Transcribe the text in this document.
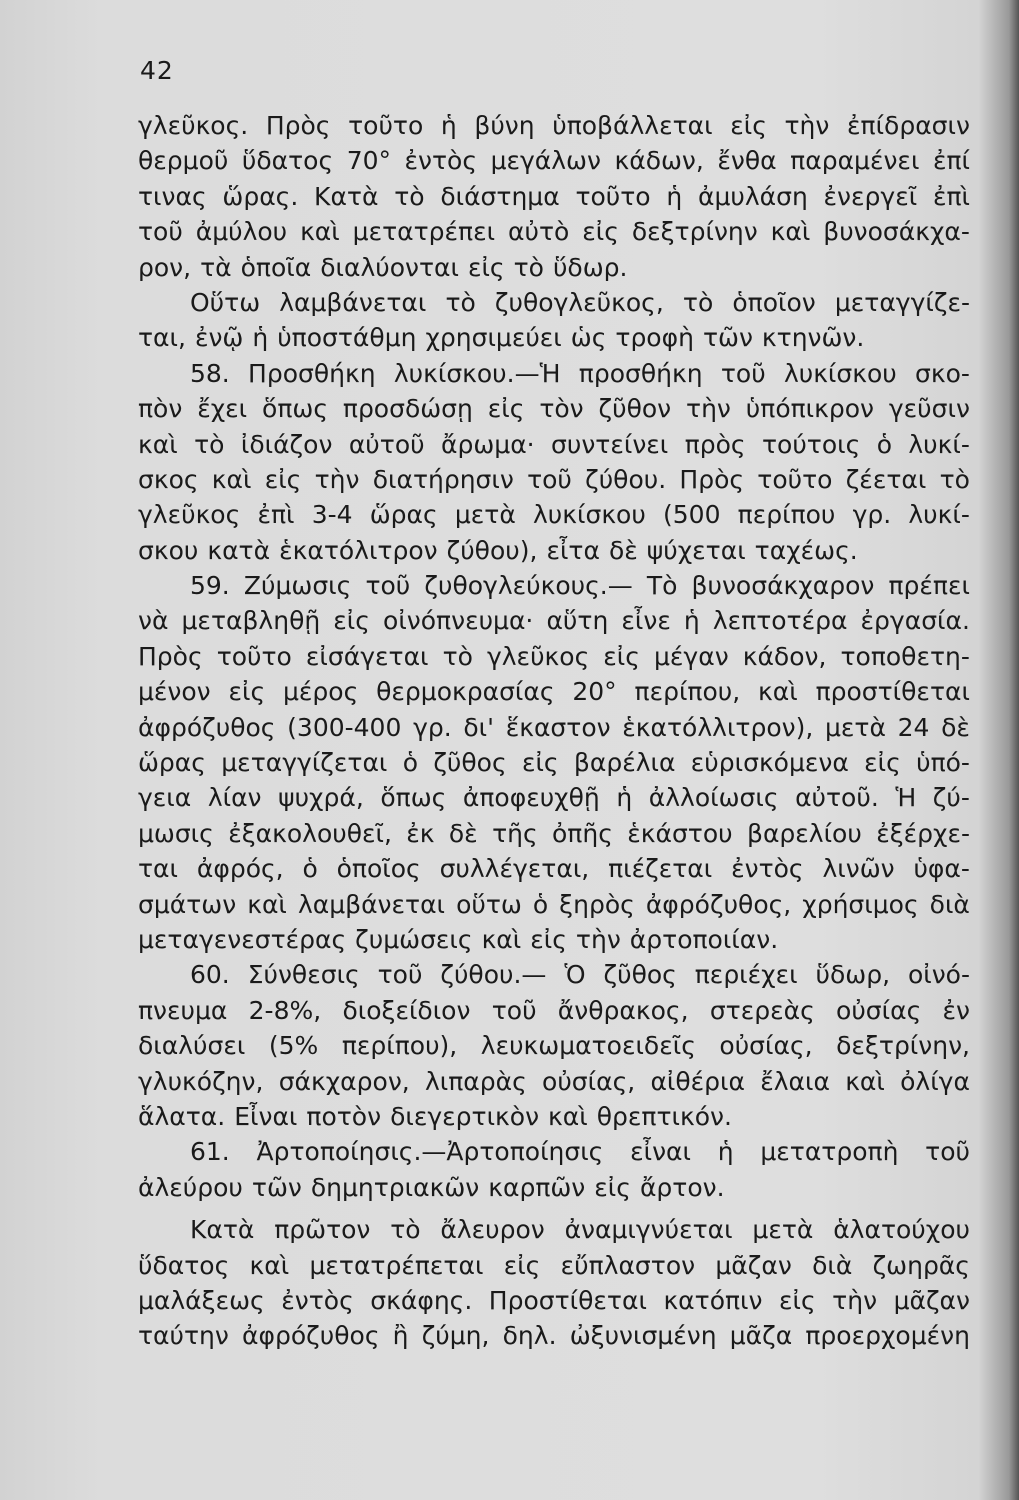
42
γλεῦκος. Πρὸς τοῦτο ἡ βύνη ὑποβάλλεται εἰς τὴν ἐπίδρασιν
θερμοῦ ὕδατος 70° ἐντὸς μεγάλων κάδων, ἔνθα παραμένει ἐπί
τινας ὥρας. Κατὰ τὸ διάστημα τοῦτο ἡ ἀμυλάση ἐνεργεῖ ἐπὶ
τοῦ ἀμύλου καὶ μετατρέπει αὐτὸ εἰς δεξτρίνην καὶ βυνοσάκχα-
ρον, τὰ ὁποῖα διαλύονται εἰς τὸ ὕδωρ.
Οὕτω λαμβάνεται τὸ ζυθογλεῦκος, τὸ ὁποῖον μεταγγίζε-
ται, ἐνῷ ἡ ὑποστάθμη χρησιμεύει ὡς τροφὴ τῶν κτηνῶν.
58. Προσθήκη λυκίσκου.—Ἡ προσθήκη τοῦ λυκίσκου σκο-
πὸν ἔχει ὅπως προσδώσῃ εἰς τὸν ζῦθον τὴν ὑπόπικρον γεῦσιν
καὶ τὸ ἰδιάζον αὐτοῦ ἄρωμα· συντείνει πρὸς τούτοις ὁ λυκί-
σκος καὶ εἰς τὴν διατήρησιν τοῦ ζύθου. Πρὸς τοῦτο ζέεται τὸ
γλεῦκος ἐπὶ 3-4 ὥρας μετὰ λυκίσκου (500 περίπου γρ. λυκί-
σκου κατὰ ἑκατόλιτρον ζύθου), εἶτα δὲ ψύχεται ταχέως.
59. Ζύμωσις τοῦ ζυθογλεύκους.— Τὸ βυνοσάκχαρον πρέπει
νὰ μεταβληθῇ εἰς οἰνόπνευμα· αὕτη εἶνε ἡ λεπτοτέρα ἐργασία.
Πρὸς τοῦτο εἰσάγεται τὸ γλεῦκος εἰς μέγαν κάδον, τοποθετη-
μένον εἰς μέρος θερμοκρασίας 20° περίπου, καὶ προστίθεται
ἀφρόζυθος (300-400 γρ. δι' ἕκαστον ἑκατόλλιτρον), μετὰ 24 δὲ
ὥρας μεταγγίζεται ὁ ζῦθος εἰς βαρέλια εὑρισκόμενα εἰς ὑπό-
γεια λίαν ψυχρά, ὅπως ἀποφευχθῇ ἡ ἀλλοίωσις αὐτοῦ. Ἡ ζύ-
μωσις ἐξακολουθεῖ, ἐκ δὲ τῆς ὀπῆς ἑκάστου βαρελίου ἐξέρχε-
ται ἀφρός, ὁ ὁποῖος συλλέγεται, πιέζεται ἐντὸς λινῶν ὑφα-
σμάτων καὶ λαμβάνεται οὕτω ὁ ξηρὸς ἀφρόζυθος, χρήσιμος διὰ
μεταγενεστέρας ζυμώσεις καὶ εἰς τὴν ἀρτοποιίαν.
60. Σύνθεσις τοῦ ζύθου.— Ὁ ζῦθος περιέχει ὕδωρ, οἰνό-
πνευμα 2-8%, διοξείδιον τοῦ ἄνθρακος, στερεὰς οὐσίας ἐν
διαλύσει (5% περίπου), λευκωματοειδεῖς οὐσίας, δεξτρίνην,
γλυκόζην, σάκχαρον, λιπαρὰς οὐσίας, αἰθέρια ἔλαια καὶ ὀλίγα
ἅλατα. Εἶναι ποτὸν διεγερτικὸν καὶ θρεπτικόν.
61. Ἀρτοποίησις.—Ἀρτοποίησις εἶναι ἡ μετατροπὴ τοῦ
ἀλεύρου τῶν δημητριακῶν καρπῶν εἰς ἄρτον.
Κατὰ πρῶτον τὸ ἄλευρον ἀναμιγνύεται μετὰ ἁλατούχου
ὕδατος καὶ μετατρέπεται εἰς εὔπλαστον μᾶζαν διὰ ζωηρᾶς
μαλάξεως ἐντὸς σκάφης. Προστίθεται κατόπιν εἰς τὴν μᾶζαν
ταύτην ἀφρόζυθος ἢ ζύμη, δηλ. ὠξυνισμένη μᾶζα προερχομένη
